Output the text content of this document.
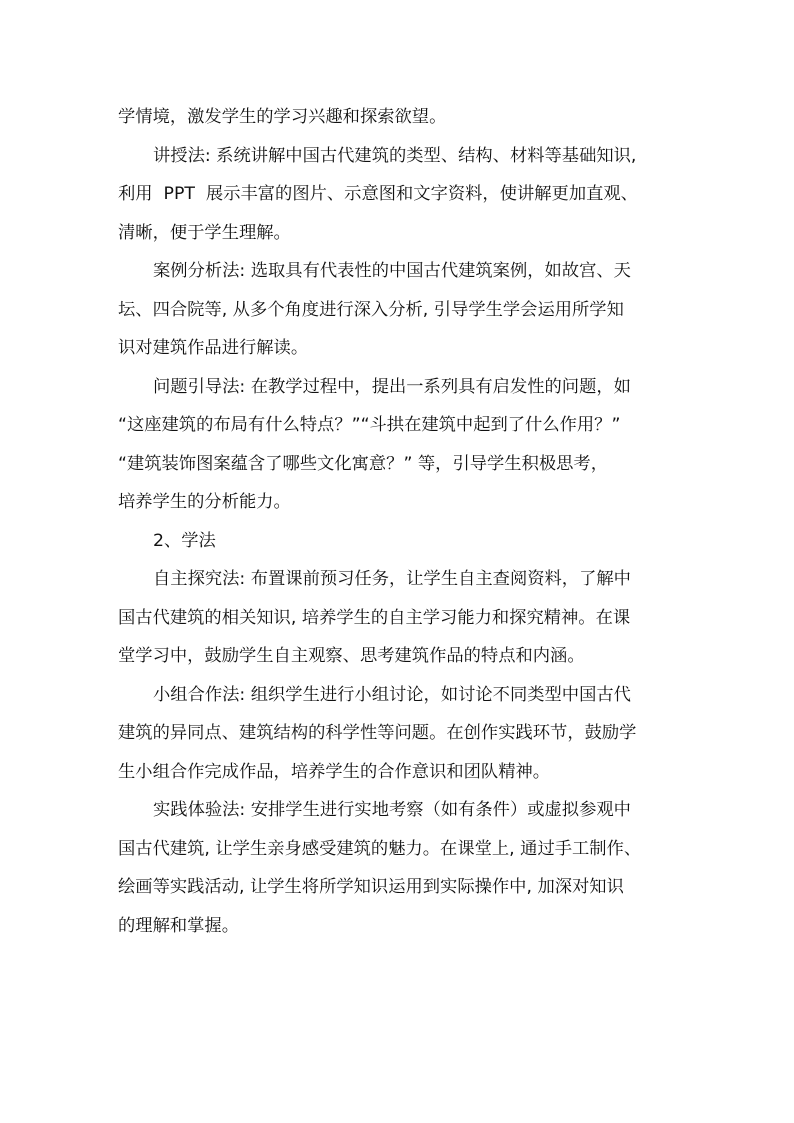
学情境，激发学生的学习兴趣和探索欲望。
讲授法: 系统讲解中国古代建筑的类型、结构、材料等基础知识,
利用  PPT  展示丰富的图片、示意图和文字资料，使讲解更加直观、
清晰，便于学生理解。
案例分析法: 选取具有代表性的中国古代建筑案例，如故宫、天
坛、四合院等, 从多个角度进行深入分析, 引导学生学会运用所学知
识对建筑作品进行解读。
问题引导法: 在教学过程中，提出一系列具有启发性的问题，如
“这座建筑的布局有什么特点？”“斗拱在建筑中起到了什么作用？”
“建筑装饰图案蕴含了哪些文化寓意？” 等，引导学生积极思考，
培养学生的分析能力。
2、学法
自主探究法: 布置课前预习任务，让学生自主查阅资料，了解中
国古代建筑的相关知识, 培养学生的自主学习能力和探究精神。在课
堂学习中，鼓励学生自主观察、思考建筑作品的特点和内涵。
小组合作法: 组织学生进行小组讨论，如讨论不同类型中国古代
建筑的异同点、建筑结构的科学性等问题。在创作实践环节，鼓励学
生小组合作完成作品，培养学生的合作意识和团队精神。
实践体验法: 安排学生进行实地考察（如有条件）或虚拟参观中
国古代建筑, 让学生亲身感受建筑的魅力。在课堂上, 通过手工制作、
绘画等实践活动, 让学生将所学知识运用到实际操作中, 加深对知识
的理解和掌握。
